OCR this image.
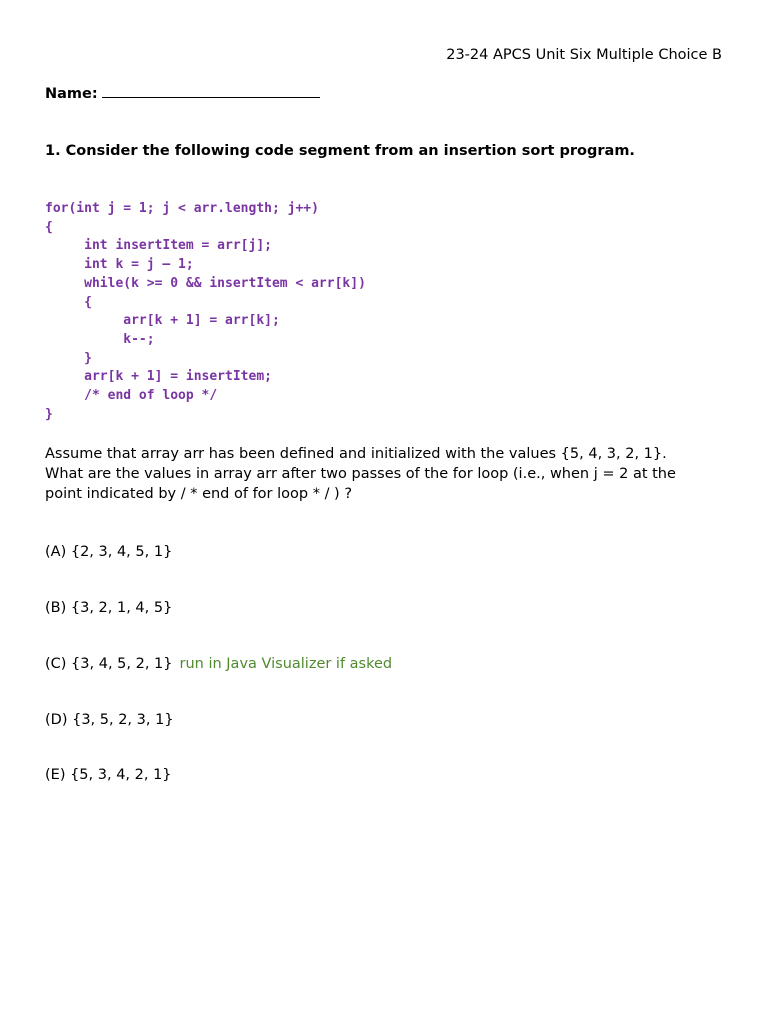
23-24 APCS Unit Six Multiple Choice B
Name:
1. Consider the following code segment from an insertion sort program.
for(int j = 1; j < arr.length; j++)
{
int insertItem = arr[j];
int k = j – 1;
while(k >= 0 && insertItem < arr[k])
{
arr[k + 1] = arr[k];
k--;
}
arr[k + 1] = insertItem;
/* end of loop */
}
Assume that array arr has been defined and initialized with the values {5, 4, 3, 2, 1}.
What are the values in array arr after two passes of the for loop (i.e., when j = 2 at the
point indicated by / * end of for loop * / ) ?
(A) {2, 3, 4, 5, 1}
(B) {3, 2, 1, 4, 5}
(C) {3, 4, 5, 2, 1} run in Java Visualizer if asked
(D) {3, 5, 2, 3, 1}
(E) {5, 3, 4, 2, 1}
